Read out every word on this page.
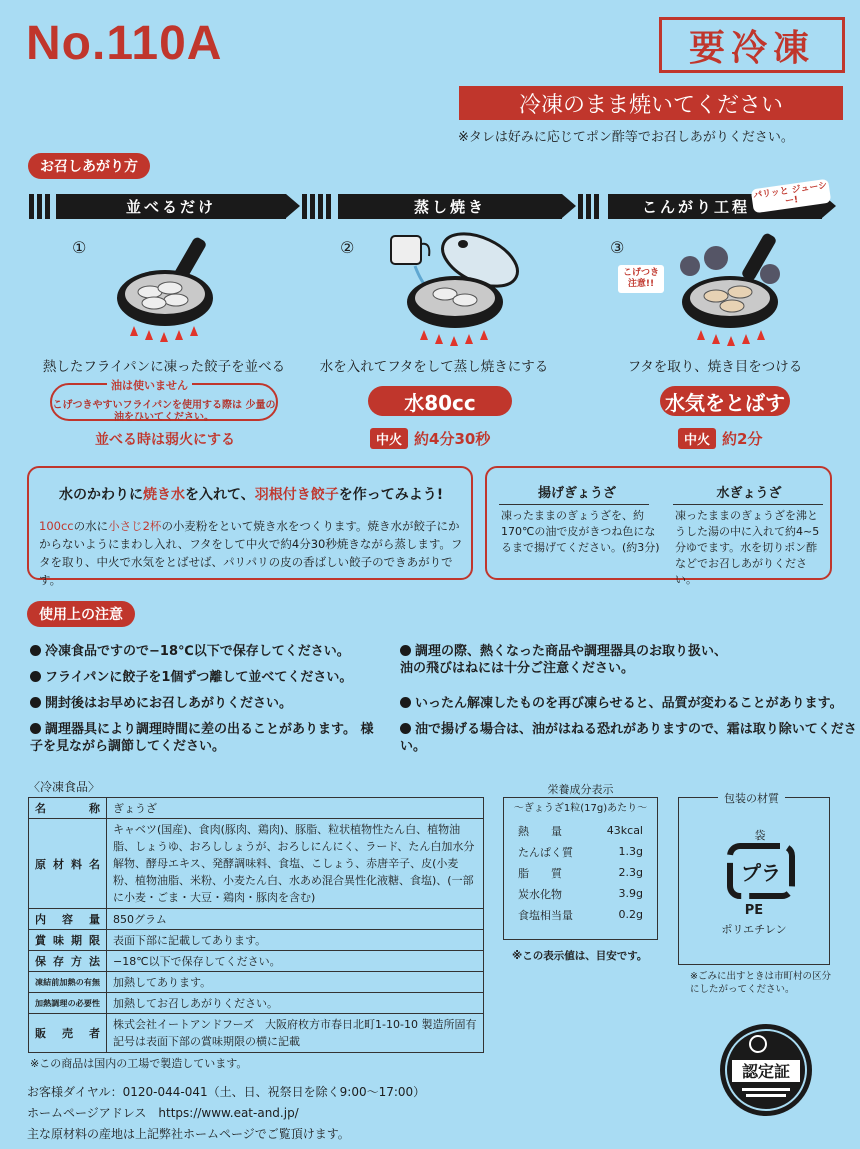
No.110A	要冷凍
冷凍のまま焼いてください
※タレは好みに応じてポン酢等でお召しあがりください。
お召しあがり方
並べるだけ	蒸し焼き	こんがり工程
パリッと ジューシー!
①
熱したフライパンに凍った餃子を並べる
こげつきやすいフライパンを使用する際は 少量の油をひいてください。
油は使いません
並べる時は弱火にする
②
水を入れてフタをして蒸し焼きにする
水80cc
中火 約4分30秒
③
こげつき 注意!!
フタを取り、焼き目をつける
水気をとばす
中火 約2分
水のかわりに焼き水を入れて、羽根付き餃子を作ってみよう!
100ccの水に小さじ2杯の小麦粉をといて焼き水をつくります。焼き水が餃子にかからないようにまわし入れ、フタをして中火で約4分30秒焼きながら蒸します。フタを取り、中火で水気をとばせば、パリパリの皮の香ばしい餃子のできあがりです。
揚げぎょうざ	水ぎょうざ
凍ったままのぎょうざを、約170℃の油で皮がきつね色になるまで揚げてください。(約3分)
凍ったままのぎょうざを沸とうした湯の中に入れて約4~5分ゆでます。水を切りポン酢などでお召しあがりください。
使用上の注意
冷凍食品ですので−18℃以下で保存してください。
フライパンに餃子を1個ずつ離して並べてください。
開封後はお早めにお召しあがりください。
調理器具により調理時間に差の出ることがあります。 様子を見ながら調節してください。
調理の際、熱くなった商品や調理器具のお取り扱い、 油の飛びはねには十分ご注意ください。
いったん解凍したものを再び凍らせると、品質が変わることがあります。
油で揚げる場合は、油がはねる恐れがありますので、霜は取り除いてください。
〈冷凍食品〉
名称	ぎょうざ
原材料名	キャベツ(国産)、食肉(豚肉、鶏肉)、豚脂、粒状植物性たん白、植物油脂、しょうゆ、おろししょうが、おろしにんにく、ラード、たん白加水分解物、酵母エキス、発酵調味料、食塩、こしょう、赤唐辛子、皮(小麦粉、植物油脂、米粉、小麦たん白、水あめ混合異性化液糖、食塩)、(一部に小麦・ごま・大豆・鶏肉・豚肉を含む)
内容量	850グラム
賞味期限	表面下部に記載してあります。
保存方法	−18℃以下で保存してください。
凍結前加熱の有無	加熱してあります。
加熱調理の必要性	加熱してお召しあがりください。
販売者	株式会社イートアンドフーズ　大阪府枚方市春日北町1-10-10 製造所固有記号は表面下部の賞味期限の横に記載
※この商品は国内の工場で製造しています。
栄養成分表示
〜ぎょうざ1粒(17g)あたり〜
熱　　量	43kcal
たんぱく質	1.3g
脂　　質	2.3g
炭水化物	3.9g
食塩相当量	0.2g
※この表示値は、目安です。
包装の材質
袋
プラ
PE
ポリエチレン
※ごみに出すときは市町村の区分にしたがってください。
認定証
お客様ダイヤル：0120-044-041（土、日、祝祭日を除く9:00〜17:00）
ホームページアドレス　https://www.eat-and.jp/
主な原材料の産地は上記弊社ホームページでご覧頂けます。
